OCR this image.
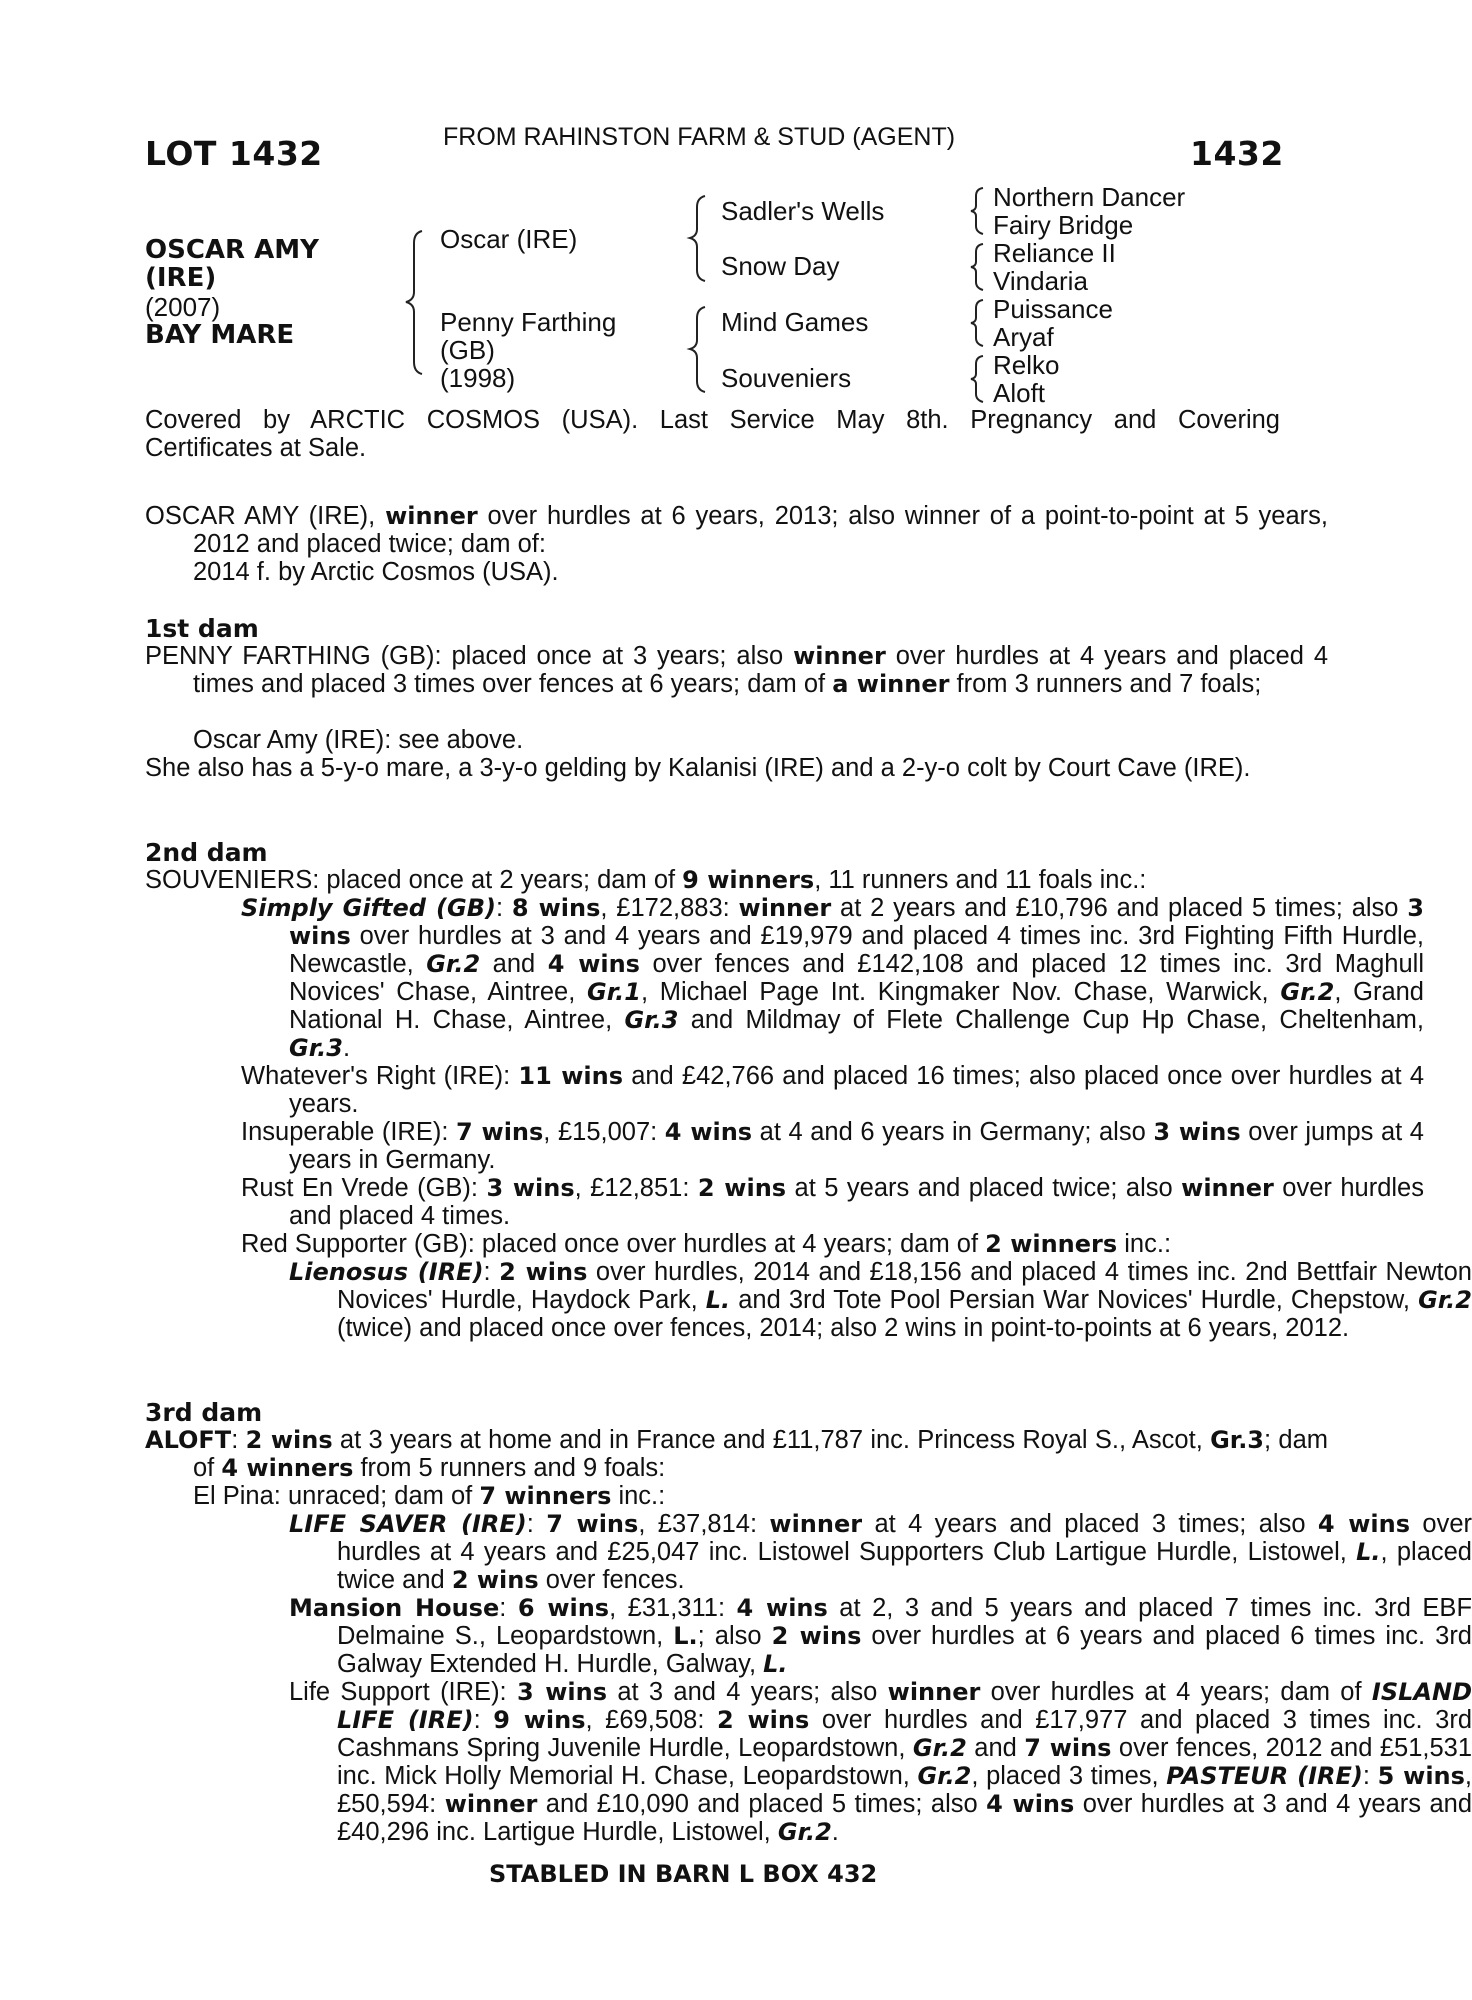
LOT 1432	FROM RAHINSTON FARM & STUD (AGENT)	1432
OSCAR AMY
(IRE)
(2007)
BAY MARE
Oscar (IRE)
Penny Farthing
(GB)
(1998)
Sadler's Wells
Snow Day
Mind Games
Souveniers
Northern Dancer
Fairy Bridge
Reliance II
Vindaria
Puissance
Aryaf
Relko
Aloft
Covered by ARCTIC COSMOS (USA). Last Service May 8th. Pregnancy and Covering
Certificates at Sale.
OSCAR AMY (IRE), winner over hurdles at 6 years, 2013; also winner of a point-to-point at 5 years, 2012 and placed twice; dam of:
2014 f. by Arctic Cosmos (USA).
1st dam
PENNY FARTHING (GB): placed once at 3 years; also winner over hurdles at 4 years and placed 4 times and placed 3 times over fences at 6 years; dam of a winner from 3 runners and 7 foals;
Oscar Amy (IRE): see above.
She also has a 5-y-o mare, a 3-y-o gelding by Kalanisi (IRE) and a 2-y-o colt by Court Cave (IRE).
2nd dam
SOUVENIERS: placed once at 2 years; dam of 9 winners, 11 runners and 11 foals inc.:
Simply Gifted (GB): 8 wins, £172,883: winner at 2 years and £10,796 and placed 5 times; also 3 wins over hurdles at 3 and 4 years and £19,979 and placed 4 times inc. 3rd Fighting Fifth Hurdle, Newcastle, Gr.2 and 4 wins over fences and £142,108 and placed 12 times inc. 3rd Maghull Novices' Chase, Aintree, Gr.1, Michael Page Int. Kingmaker Nov. Chase, Warwick, Gr.2, Grand National H. Chase, Aintree, Gr.3 and Mildmay of Flete Challenge Cup Hp Chase, Cheltenham, Gr.3.
Whatever's Right (IRE): 11 wins and £42,766 and placed 16 times; also placed once over hurdles at 4 years.
Insuperable (IRE): 7 wins, £15,007: 4 wins at 4 and 6 years in Germany; also 3 wins over jumps at 4 years in Germany.
Rust En Vrede (GB): 3 wins, £12,851: 2 wins at 5 years and placed twice; also winner over hurdles and placed 4 times.
Red Supporter (GB): placed once over hurdles at 4 years; dam of 2 winners inc.:
Lienosus (IRE): 2 wins over hurdles, 2014 and £18,156 and placed 4 times inc. 2nd Bettfair Newton Novices' Hurdle, Haydock Park, L. and 3rd Tote Pool Persian War Novices' Hurdle, Chepstow, Gr.2 (twice) and placed once over fences, 2014; also 2 wins in point-to-points at 6 years, 2012.
3rd dam
ALOFT: 2 wins at 3 years at home and in France and £11,787 inc. Princess Royal S., Ascot, Gr.3; dam of 4 winners from 5 runners and 9 foals:
El Pina: unraced; dam of 7 winners inc.:
LIFE SAVER (IRE): 7 wins, £37,814: winner at 4 years and placed 3 times; also 4 wins over hurdles at 4 years and £25,047 inc. Listowel Supporters Club Lartigue Hurdle, Listowel, L., placed twice and 2 wins over fences.
Mansion House: 6 wins, £31,311: 4 wins at 2, 3 and 5 years and placed 7 times inc. 3rd EBF Delmaine S., Leopardstown, L.; also 2 wins over hurdles at 6 years and placed 6 times inc. 3rd Galway Extended H. Hurdle, Galway, L.
Life Support (IRE): 3 wins at 3 and 4 years; also winner over hurdles at 4 years; dam of ISLAND LIFE (IRE): 9 wins, £69,508: 2 wins over hurdles and £17,977 and placed 3 times inc. 3rd Cashmans Spring Juvenile Hurdle, Leopardstown, Gr.2 and 7 wins over fences, 2012 and £51,531 inc. Mick Holly Memorial H. Chase, Leopardstown, Gr.2, placed 3 times, PASTEUR (IRE): 5 wins, £50,594: winner and £10,090 and placed 5 times; also 4 wins over hurdles at 3 and 4 years and £40,296 inc. Lartigue Hurdle, Listowel, Gr.2.
STABLED IN BARN L BOX 432
